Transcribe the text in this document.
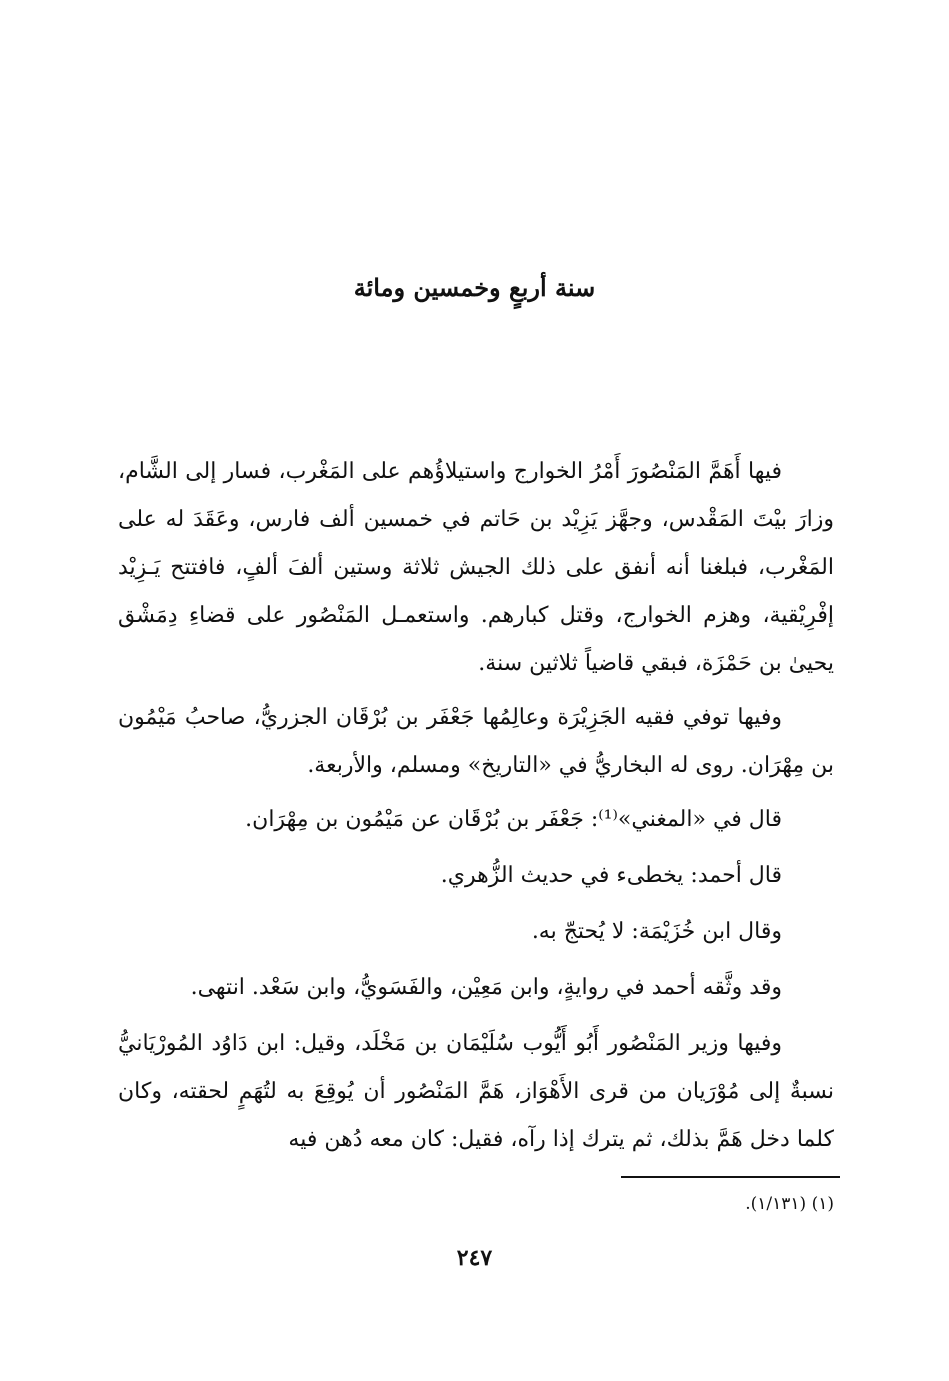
سنة أربعٍ وخمسين ومائة

فيها أَهَمَّ المَنْصُورَ أَمْرُ الخوارج واستيلاؤُهم على المَغْرب، فسار إلى الشَّام، وزارَ بيْتَ المَقْدس، وجهَّز يَزِيْد بن حَاتم في خمسين ألف فارس، وعَقَدَ له على المَغْرب، فبلغنا أنه أنفق على ذلك الجيش ثلاثة وستين ألفَ ألفٍ، فافتتح يَـزِيْد إفْرِيْقية، وهزم الخوارج، وقتل كبارهم. واستعمـل المَنْصُور على قضاءِ دِمَشْق يحيىٰ بن حَمْزَة، فبقي قاضياً ثلاثين سنة.

وفيها توفي فقيه الجَزِيْرَة وعالِمُها جَعْفَر بن بُرْقَان الجزريُّ، صاحبُ مَيْمُون بن مِهْرَان. روى له البخاريُّ في «التاريخ» ومسلم، والأربعة.

قال في «المغني»⁽¹⁾: جَعْفَر بن بُرْقَان عن مَيْمُون بن مِهْرَان.

قال أحمد: يخطىء في حديث الزُّهري.

وقال ابن خُزَيْمَة: لا يُحتجّ به.

وقد وثَّقه أحمد في روايةٍ، وابن مَعِيْن، والفَسَويُّ، وابن سَعْد. انتهى.

وفيها وزير المَنْصُور أَبُو أَيُّوب سُلَيْمَان بن مَخْلَد، وقيل: ابن دَاوُد المُورْيَانيُّ نسبةٌ إلى مُوْرَيان من قرى الأَهْوَاز، هَمَّ المَنْصُور أن يُوقِعَ به لتُهَمٍ لحقته، وكان كلما دخل هَمَّ بذلك، ثم يترك إذا رآه، فقيل: كان معه دُهن فيه

(١) (١/١٣١).
٢٤٧
